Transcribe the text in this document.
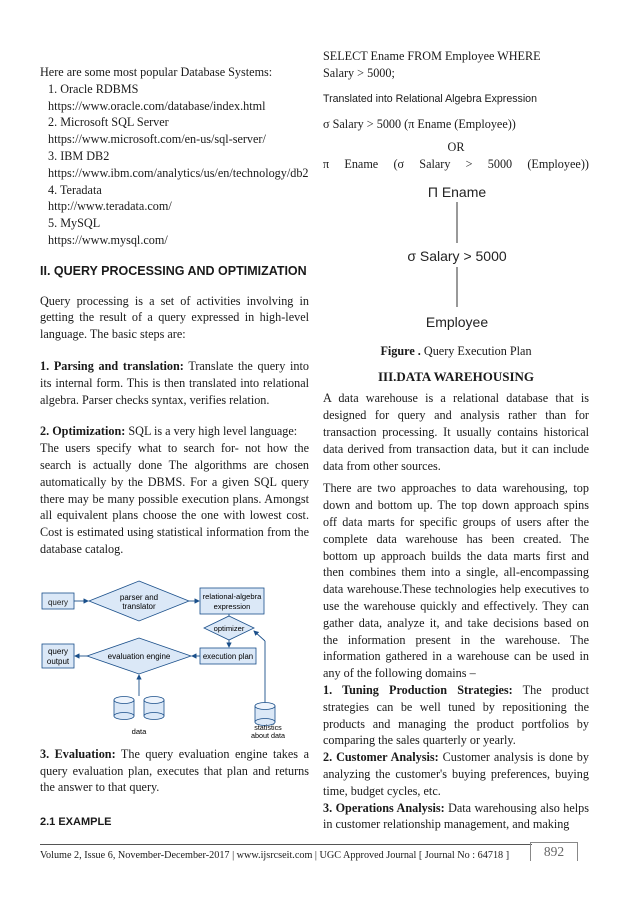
Here are some most popular Database Systems:

1. Oracle RDBMS
https://www.oracle.com/database/index.html
2. Microsoft SQL Server
https://www.microsoft.com/en-us/sql-server/
3. IBM DB2
https://www.ibm.com/analytics/us/en/technology/db2
4. Teradata
http://www.teradata.com/
5. MySQL
https://www.mysql.com/

II. QUERY PROCESSING AND OPTIMIZATION

Query processing is a set of activities involving in getting the result of a query expressed in high-level language. The basic steps are:

1. Parsing and translation: Translate the query into its internal form. This is then translated into relational algebra. Parser checks syntax, verifies relation.

2. Optimization: SQL is a very high level language:

The users specify what to search for- not how the search is actually done The algorithms are chosen automatically by the DBMS. For a given SQL query there may be many possible execution plans. Amongst all equivalent plans choose the one with lowest cost. Cost is estimated using statistical information from the database catalog.

query
parser and
translator
relational-algebra
expression
optimizer
query
output
evaluation engine	execution plan
data	statistics
about data

3. Evaluation: The query evaluation engine takes a query evaluation plan, executes that plan and returns the answer to that query.

2.1 EXAMPLE

SELECT Ename FROM Employee WHERE

Salary > 5000;

Translated into Relational Algebra Expression

σ Salary > 5000 (π Ename (Employee))

OR

π Ename (σ Salary > 5000 (Employee))
Π Ename
σ Salary > 5000
Employee

Figure . Query Execution Plan

III.DATA WAREHOUSING

A data warehouse is a relational database that is designed for query and analysis rather than for transaction processing. It usually contains historical data derived from transaction data, but it can include data from other sources.

There are two approaches to data warehousing, top down and bottom up. The top down approach spins off data marts for specific groups of users after the complete data warehouse has been created. The bottom up approach builds the data marts first and then combines them into a single, all-encompassing data warehouse.These technologies help executives to use the warehouse quickly and effectively. They can gather data, analyze it, and take decisions based on the information present in the warehouse. The information gathered in a warehouse can be used in any of the following domains –

1. Tuning Production Strategies: The product strategies can be well tuned by repositioning the products and managing the product portfolios by comparing the sales quarterly or yearly.

2. Customer Analysis: Customer analysis is done by analyzing the customer's buying preferences, buying time, budget cycles, etc.

3. Operations Analysis: Data warehousing also helps in customer relationship management, and making

Volume 2, Issue 6, November-December-2017 | www.ijsrcseit.com | UGC Approved Journal [ Journal No : 64718 ]	892
